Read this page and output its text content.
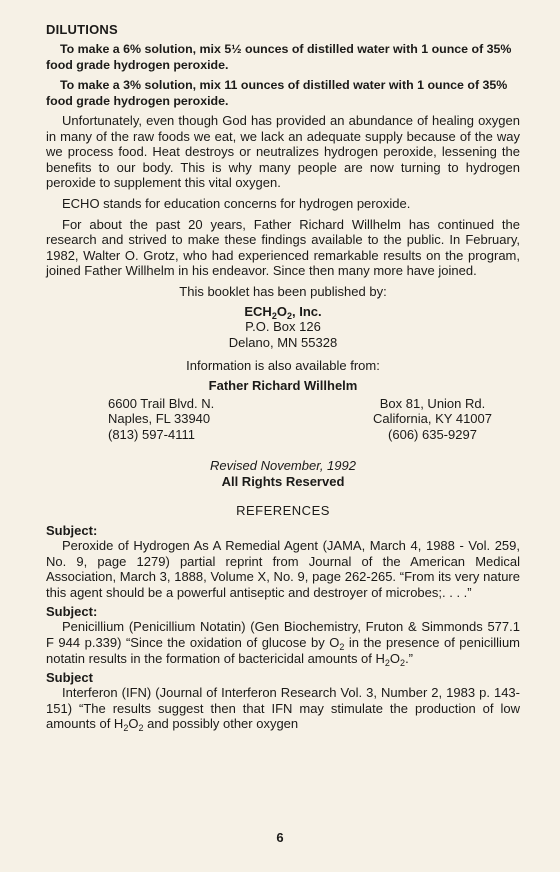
DILUTIONS

To make a 6% solution, mix 5½ ounces of distilled water with 1 ounce of 35% food grade hydrogen peroxide.

To make a 3% solution, mix 11 ounces of distilled water with 1 ounce of 35% food grade hydrogen peroxide.

Unfortunately, even though God has provided an abundance of healing oxygen in many of the raw foods we eat, we lack an adequate supply because of the way we process food. Heat destroys or neutralizes hydrogen peroxide, lessening the benefits to our body. This is why many people are now turning to hydrogen peroxide to supplement this vital oxygen.

ECHO stands for education concerns for hydrogen peroxide.

For about the past 20 years, Father Richard Willhelm has continued the research and strived to make these findings available to the public. In February, 1982, Walter O. Grotz, who had experienced remarkable results on the program, joined Father Willhelm in his endeavor. Since then many more have joined.

This booklet has been published by:
$ECH_2O_2$, Inc.
P.O. Box 126
Delano, MN 55328
Information is also available from:
Father Richard Willhelm
6600 Trail Blvd. N.
Naples, FL 33940
(813) 597-4111
Box 81, Union Rd.
California, KY 41007
(606) 635-9297
Revised November, 1992
All Rights Reserved
REFERENCES
Subject:

Peroxide of Hydrogen As A Remedial Agent (JAMA, March 4, 1988 - Vol. 259, No. 9, page 1279) partial reprint from Journal of the American Medical Association, March 3, 1888, Volume X, No. 9, page 262-265. “From its very nature this agent should be a powerful antiseptic and destroyer of microbes;. . . .”

Subject:

Penicillium (Penicillium Notatin) (Gen Biochemistry, Fruton & Simmonds 577.1 F 944 p.339) “Since the oxidation of glucose by $O_2$ in the presence of penicillium notatin results in the formation of bactericidal amounts of $H_2O_2$.”

Subject

Interferon (IFN) (Journal of Interferon Research Vol. 3, Number 2, 1983 p. 143-151) “The results suggest then that IFN may stimulate the production of low amounts of $H_2O_2$ and possibly other oxygen

6
